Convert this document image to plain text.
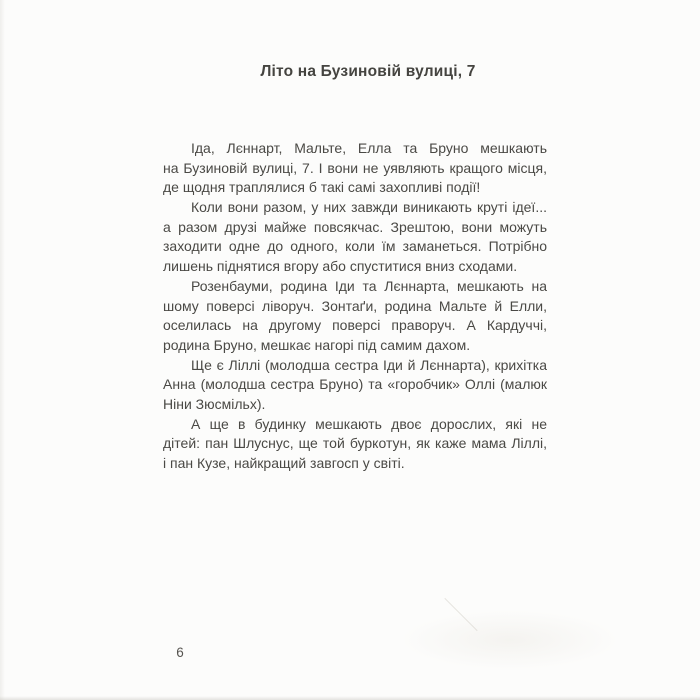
Літо на Бузиновій вулиці, 7
Іда, Лєннарт, Мальте, Елла та Бруно мешкають
на Бузиновій вулиці, 7. І вони не уявляють кращого місця,
де щодня траплялися б такі самі захопливі події!
Коли вони разом, у них завжди виникають круті ідеї...
а разом друзі майже повсякчас. Зрештою, вони можуть
заходити одне до одного, коли їм заманеться. Потрібно
лишень піднятися вгору або спуститися вниз сходами.
Розенбауми, родина Іди та Лєннарта, мешкають на
шому поверсі ліворуч. Зонтаґи, родина Мальте й Елли,
оселилась на другому поверсі праворуч. А Кардуччі,
родина Бруно, мешкає нагорі під самим дахом.
Ще є Ліллі (молодша сестра Іди й Лєннарта), крихітка
Анна (молодша сестра Бруно) та «горобчик» Оллі (малюк
Ніни Зюсмільх).
А ще в будинку мешкають двоє дорослих, які не
дітей: пан Шлуснус, ще той буркотун, як каже мама Ліллі,
і пан Кузе, найкращий завгосп у світі.
6
